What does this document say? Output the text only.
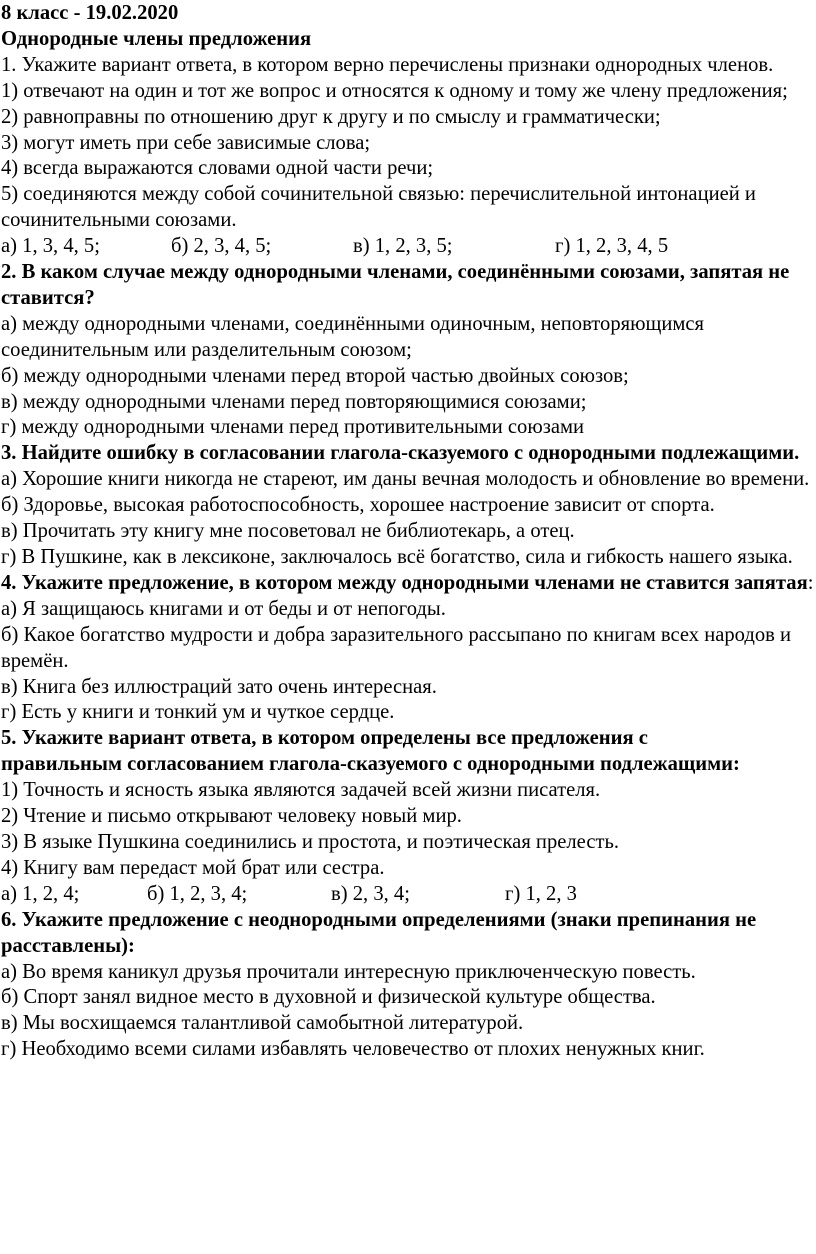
8 класс - 19.02.2020
Однородные члены предложения
1. Укажите вариант ответа, в котором верно перечислены признаки однородных членов.
1) отвечают на один и тот же вопрос и относятся к одному и тому же члену предложения;
2) равноправны по отношению друг к другу и по смыслу и грамматически;
3) могут иметь при себе зависимые слова;
4) всегда выражаются словами одной части речи;
5) соединяются между собой сочинительной связью: перечислительной интонацией и сочинительными союзами.
а) 1, 3, 4, 5;	б) 2, 3, 4, 5;	в) 1, 2, 3, 5;	г) 1, 2, 3, 4, 5
2. В каком случае между однородными членами, соединёнными союзами, запятая не ставится?
а) между однородными членами, соединёнными одиночным, неповторяющимся соединительным или разделительным союзом;
б) между однородными членами перед второй частью двойных союзов;
в) между однородными членами перед повторяющимися союзами;
г) между однородными членами перед противительными союзами
3. Найдите ошибку в согласовании глагола-сказуемого с однородными подлежащими.
а) Хорошие книги никогда не стареют, им даны вечная молодость и обновление во времени.
б) Здоровье, высокая работоспособность, хорошее настроение зависит от спорта.
в) Прочитать эту книгу мне посоветовал не библиотекарь, а отец.
г) В Пушкине, как в лексиконе, заключалось всё богатство, сила и гибкость нашего языка.
4. Укажите предложение, в котором между однородными членами не ставится запятая:
а) Я защищаюсь книгами и от беды и от непогоды.
б) Какое богатство мудрости и добра заразительного рассыпано по книгам всех народов и времён.
в) Книга без иллюстраций зато очень интересная.
г) Есть у книги и тонкий ум и чуткое сердце.
5. Укажите вариант ответа, в котором определены все предложения с правильным согласованием глагола-сказуемого с однородными подлежащими:
1) Точность и ясность языка являются задачей всей жизни писателя.
2) Чтение и письмо открывают человеку новый мир.
3) В языке Пушкина соединились и простота, и поэтическая прелесть.
4) Книгу вам передаст мой брат или сестра.
а) 1, 2, 4;	б) 1, 2, 3, 4;	в) 2, 3, 4;	г) 1, 2, 3
6. Укажите предложение с неоднородными определениями (знаки препинания не расставлены):
а) Во время каникул друзья прочитали интересную приключенческую повесть.
б) Спорт занял видное место в духовной и физической культуре общества.
в) Мы восхищаемся талантливой самобытной литературой.
г) Необходимо всеми силами избавлять человечество от плохих ненужных книг.
